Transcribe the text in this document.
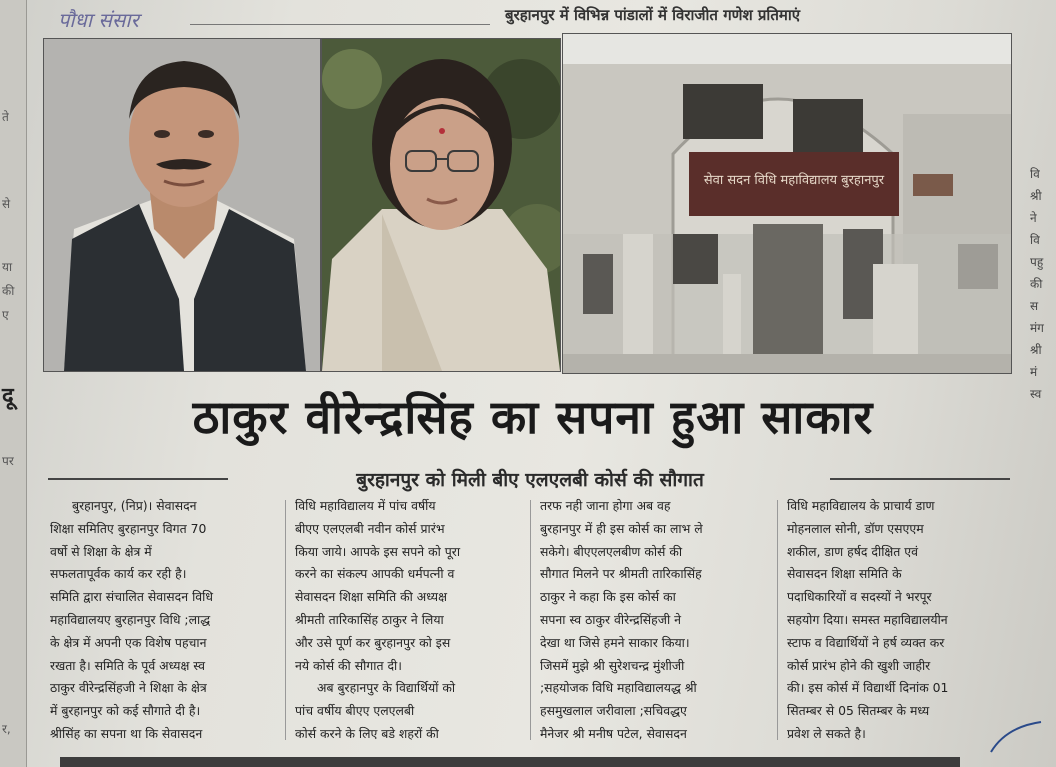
ते
से
या
की
ए
दू
पर
र,
वि
श्री
ने
वि
पहु
की
स
मंग
श्री
मं
स्व
पौधा संसार	बुरहानपुर में विभिन्न पांडालों में विराजीत गणेश प्रतिमाएं
सेवा सदन विधि महाविद्यालय बुरहानपुर
ठाकुर वीरेन्द्रसिंह का सपना हुआ साकार
बुरहानपुर को मिली बीए एलएलबी कोर्स की सौगात
बुरहानपुर, (निप्र)। सेवासदन
शिक्षा समितिए बुरहानपुर विगत 70
वर्षो से शिक्षा के क्षेत्र में
सफलतापूर्वक कार्य कर रही है।
समिति द्वारा संचालित सेवासदन विधि
महाविद्यालयए बुरहानपुर विधि ;लाद्ध
के क्षेत्र में अपनी एक विशेष पहचान
रखता है। समिति के पूर्व अध्यक्ष स्व
ठाकुर वीरेन्द्रसिंहजी ने शिक्षा के क्षेत्र
में बुरहानपुर को कई सौगाते दी है।
श्रीसिंह का सपना था कि सेवासदन
विधि महाविद्यालय में पांच वर्षीय
बीएए एलएलबी नवीन कोर्स प्रारंभ
किया जाये। आपके इस सपने को पूरा
करने का संकल्प आपकी धर्मपत्नी व
सेवासदन शिक्षा समिति की अध्यक्ष
श्रीमती तारिकासिंह ठाकुर ने लिया
और उसे पूर्ण कर बुरहानपुर को इस
नये कोर्स की सौगात दी।
अब बुरहानपुर के विद्यार्थियों को
पांच वर्षीय बीएए एलएलबी
कोर्स करने के लिए बडे शहरों की
तरफ नही जाना होगा अब वह
बुरहानपुर में ही इस कोर्स का लाभ ले
सकेगे। बीएएलएलबीण कोर्स की
सौगात मिलने पर श्रीमती तारिकासिंह
ठाकुर ने कहा कि इस कोर्स का
सपना स्व ठाकुर वीरेन्द्रसिंहजी ने
देखा था जिसे हमने साकार किया।
जिसमें मुझे श्री सुरेशचन्द्र मुंशीजी
;सहयोजक विधि महाविद्यालयद्ध श्री
हसमुखलाल जरीवाला ;सचिवद्धए
मैनेजर श्री मनीष पटेल, सेवासदन
विधि महाविद्यालय के प्राचार्य डाण
मोहनलाल सोनी, डॉण एसएएम
शकील, डाण हर्षद दीक्षित एवं
सेवासदन शिक्षा समिति के
पदाधिकारियों व सदस्यों ने भरपूर
सहयोग दिया। समस्त महाविद्यालयीन
स्टाफ व विद्यार्थियों ने हर्ष व्यक्त कर
कोर्स प्रारंभ होने की खुशी जाहीर
की। इस कोर्स में विद्यार्थी दिनांक 01
सितम्बर से 05 सितम्बर के मध्य
प्रवेश ले सकते है।
